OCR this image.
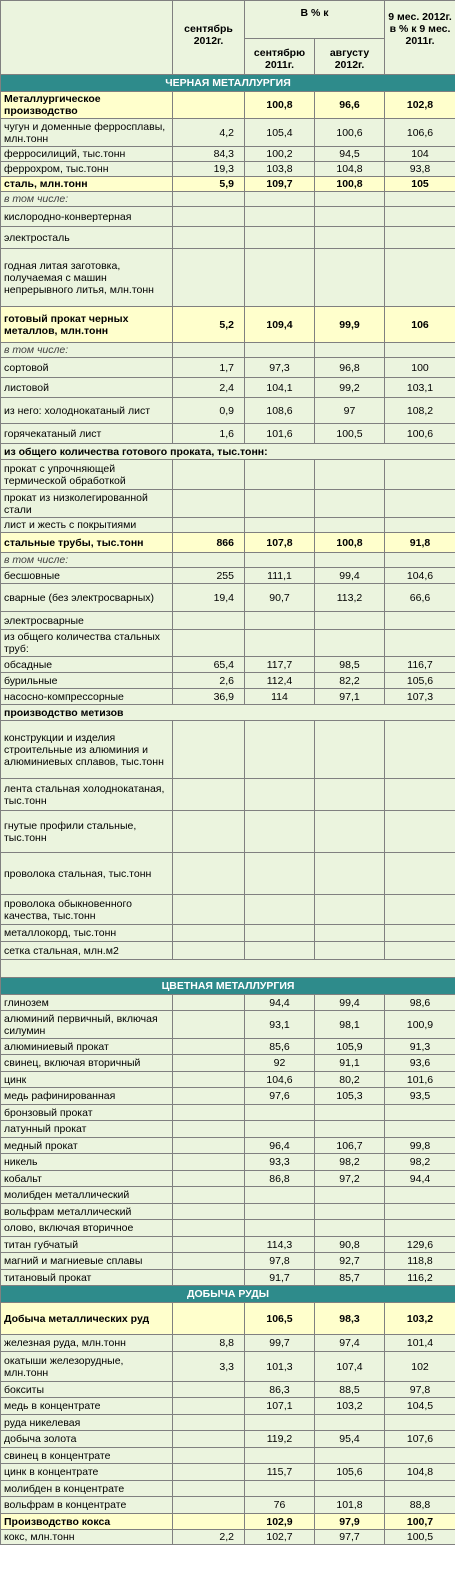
	сентябрь 2012г.	В % к		9 мес. 2012г. в % к 9 мес. 2011г.
		сентябрю 2011г.	августу 2012г.	
ЧЕРНАЯ МЕТАЛЛУРГИЯ				
Металлургическое производство		100,8	96,6	102,8
чугун и доменные ферросплавы, млн.тонн	4,2	105,4	100,6	106,6
ферросилиций, тыс.тонн	84,3	100,2	94,5	104
феррохром, тыс.тонн	19,3	103,8	104,8	93,8
сталь, млн.тонн	5,9	109,7	100,8	105
в том числе:				
кислородно-конвертерная				
электросталь				
годная литая заготовка, получаемая с машин непрерывного литья, млн.тонн				
готовый прокат черных металлов, млн.тонн	5,2	109,4	99,9	106
в том числе:				
сортовой	1,7	97,3	96,8	100
листовой	2,4	104,1	99,2	103,1
из него: холоднокатаный лист	0,9	108,6	97	108,2
горячекатаный лист	1,6	101,6	100,5	100,6
из общего количества готового проката, тыс.тонн:				
прокат с упрочняющей термической обработкой				
прокат из низколегированной стали				
лист и жесть с покрытиями				
стальные трубы, тыс.тонн	866	107,8	100,8	91,8
в том числе:				
бесшовные	255	111,1	99,4	104,6
сварные (без электросварных)	19,4	90,7	113,2	66,6
электросварные				
из общего количества стальных труб:				
обсадные	65,4	117,7	98,5	116,7
бурильные	2,6	112,4	82,2	105,6
насосно-компрессорные	36,9	114	97,1	107,3
производство метизов				
конструкции и изделия строительные из алюминия и алюминиевых сплавов, тыс.тонн				
лента стальная холоднокатаная, тыс.тонн				
гнутые профили стальные, тыс.тонн				
проволока стальная, тыс.тонн				
проволока обыкновенного качества, тыс.тонн				
металлокорд, тыс.тонн				
сетка стальная, млн.м2				

ЦВЕТНАЯ МЕТАЛЛУРГИЯ				
глинозем		94,4	99,4	98,6
алюминий первичный, включая силумин		93,1	98,1	100,9
алюминиевый прокат		85,6	105,9	91,3
свинец, включая вторичный		92	91,1	93,6
цинк		104,6	80,2	101,6
медь рафинированная		97,6	105,3	93,5
бронзовый прокат				
латунный прокат				
медный прокат		96,4	106,7	99,8
никель		93,3	98,2	98,2
кобальт		86,8	97,2	94,4
молибден металлический				
вольфрам металлический				
олово, включая вторичное				
титан губчатый		114,3	90,8	129,6
магний и магниевые сплавы		97,8	92,7	118,8
титановый прокат		91,7	85,7	116,2
ДОБЫЧА РУДЫ				
Добыча металлических руд		106,5	98,3	103,2
железная руда, млн.тонн	8,8	99,7	97,4	101,4
окатыши железорудные, млн.тонн	3,3	101,3	107,4	102
бокситы		86,3	88,5	97,8
медь в концентрате		107,1	103,2	104,5
руда никелевая				
добыча золота		119,2	95,4	107,6
свинец в концентрате				
цинк в концентрате		115,7	105,6	104,8
молибден в концентрате				
вольфрам в концентрате		76	101,8	88,8
Производство кокса		102,9	97,9	100,7
кокс, млн.тонн	2,2	102,7	97,7	100,5
